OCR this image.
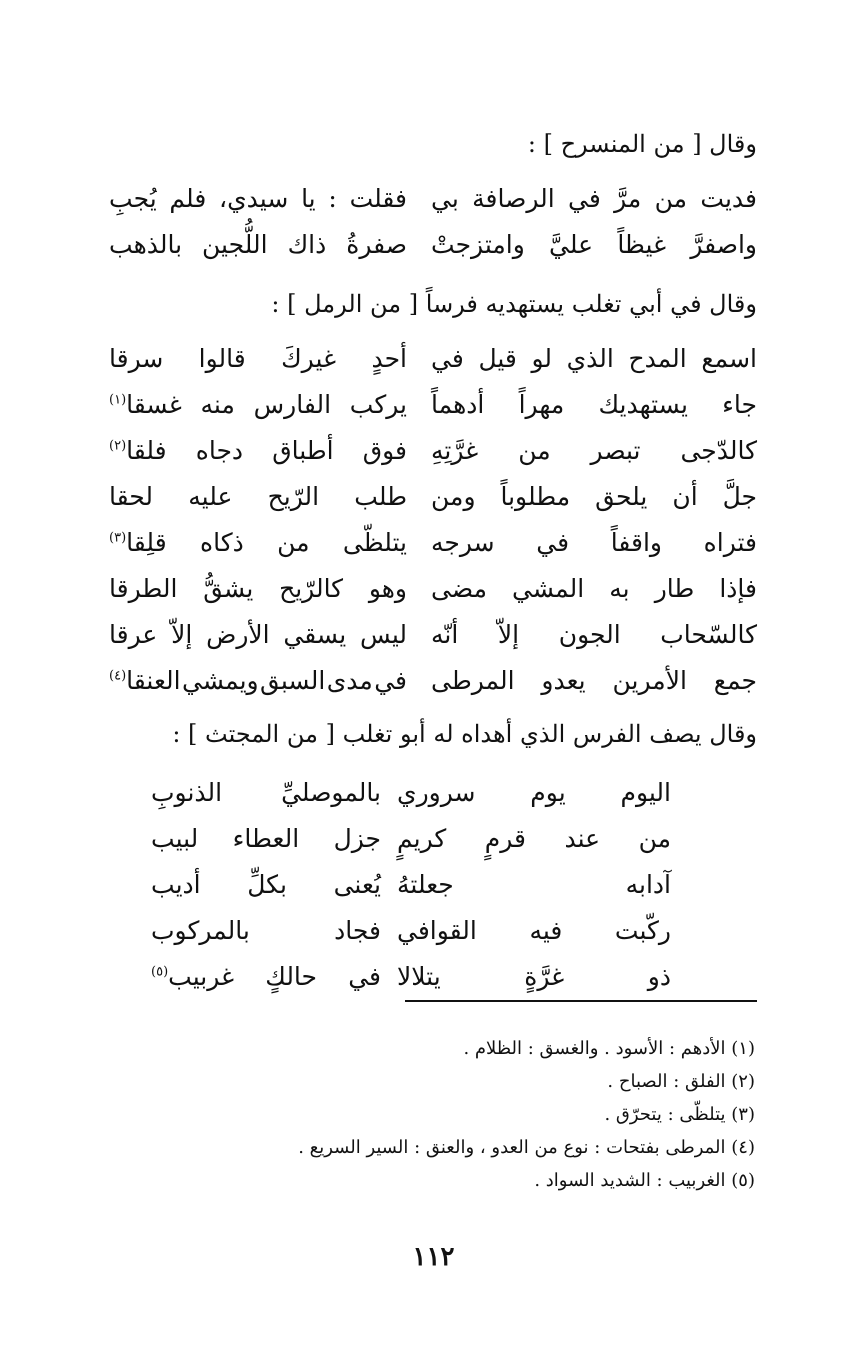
وقال [ من المنسرح ] :
فديت
من
مرَّ
في
الرصافة
بي
فقلت
:
يا
سيدي،
فلم
يُجبِ
واصفرَّ
غيظاً
عليَّ
وامتزجتْ
صفرةُ
ذاك
اللُّجين
بالذهب
وقال في أبي تغلب يستهديه فرساً [ من الرمل ] :
اسمع
المدح
الذي
لو
قيل
في
أحدٍ
غيركَ
قالوا
سرقا
جاء
يستهديك
مهراً
أدهماً
يركب
الفارس
منه
غسقا$^{(١)}$
كالدّجى
تبصر
من
غرَّتِهِ
فوق
أطباق
دجاه
فلقا$^{(٢)}$
جلَّ
أن
يلحق
مطلوباً
ومن
طلب
الرّيح
عليه
لحقا
فتراه
واقفاً
في
سرجه
يتلظّى
من
ذكاه
قلِقا$^{(٣)}$
فإذا
طار
به
المشي
مضى
وهو
كالرّيح
يشقُّ
الطرقا
كالسّحاب
الجون
إلاّ
أنّه
ليس
يسقي
الأرض
إلاّ
عرقا
جمع
الأمرين
يعدو
المرطى
في
مدى
السبق
ويمشي
العنقا$^{(٤)}$
وقال يصف الفرس الذي أهداه له أبو تغلب [ من المجتث ] :
اليوم
يوم
سروري
بالموصليِّ
الذنوبِ
من
عند
قرمٍ
كريمٍ
جزل
العطاء
لبيب
آدابه
جعلتهُ
يُعنى
بكلِّ
أديب
ركّبت
فيه
القوافي
فجاد
بالمركوب
ذو
غرَّةٍ
يتلالا
في
حالكٍ
غربيب$^{(٥)}$
(١) الأدهم : الأسود . والغسق : الظلام .
(٢) الفلق : الصباح .
(٣) يتلظّى : يتحرّق .
(٤) المرطى بفتحات : نوع من العدو ، والعنق : السير السريع .
(٥) الغربيب : الشديد السواد .
١١٢
